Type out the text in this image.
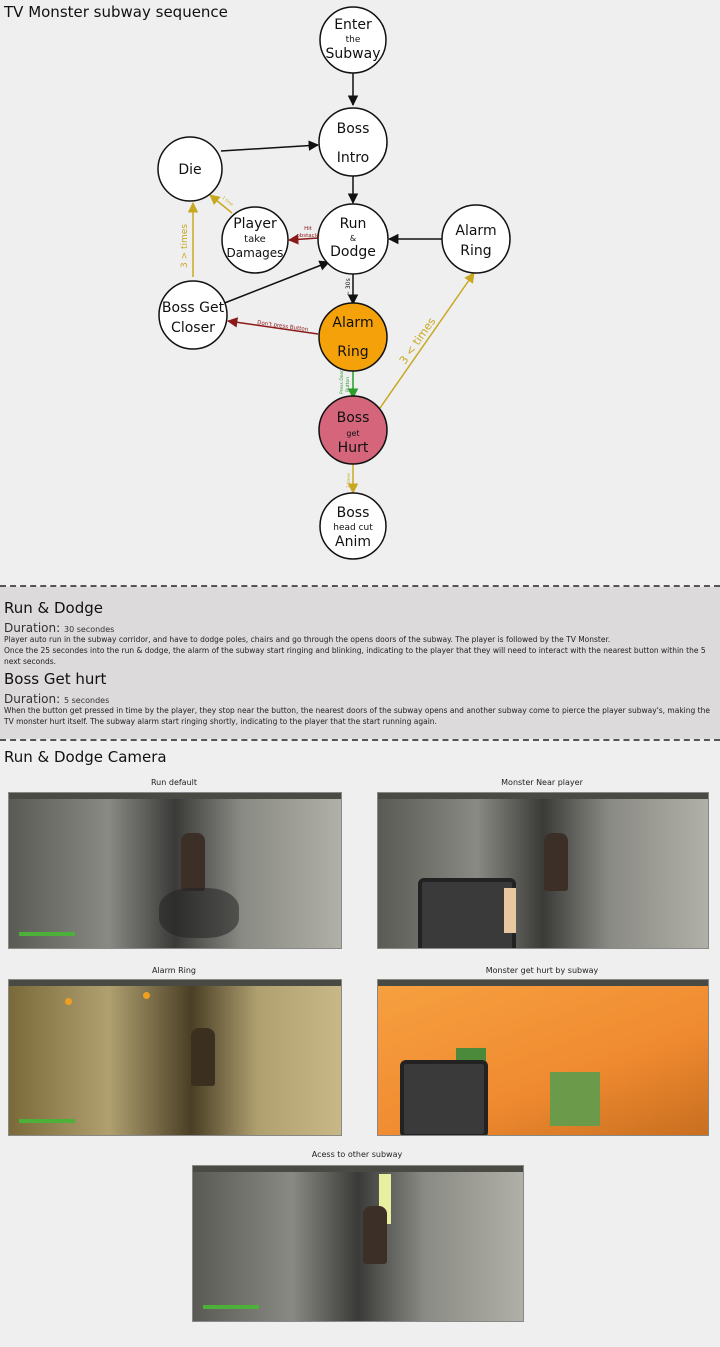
TV Monster subway sequence
Enter
the
Subway
Boss
Intro
Die
Run
&
Dodge
Player
take
Damages
Alarm
Ring
Boss Get
Closer	Alarm
Ring
Boss
get
Hurt
Boss
head cut
Anim
Hit
obstacle
Don't press Button
3 > times
3 < times
~ 30s
Press Door Button
1 time
3 times
Run & Dodge
Duration: 30 secondes

Player auto run in the subway corridor, and have to dodge poles, chairs and go through the opens doors of the subway. The player is followed by the TV Monster.

Once the 25 secondes into the run & dodge, the alarm of the subway start ringing and blinking, indicating to the player that they will need to interact with the nearest button within the 5 next seconds.

Boss Get hurt
Duration: 5 secondes

When the button get pressed in time by the player, they stop near the button, the nearest doors of the subway opens and another subway come to pierce the player subway's, making the TV monster hurt itself. The subway alarm start ringing shortly, indicating to the player that the start running again.

Run & Dodge Camera
Run default	Monster Near player
Alarm Ring	Monster get hurt by subway
Acess to other subway
